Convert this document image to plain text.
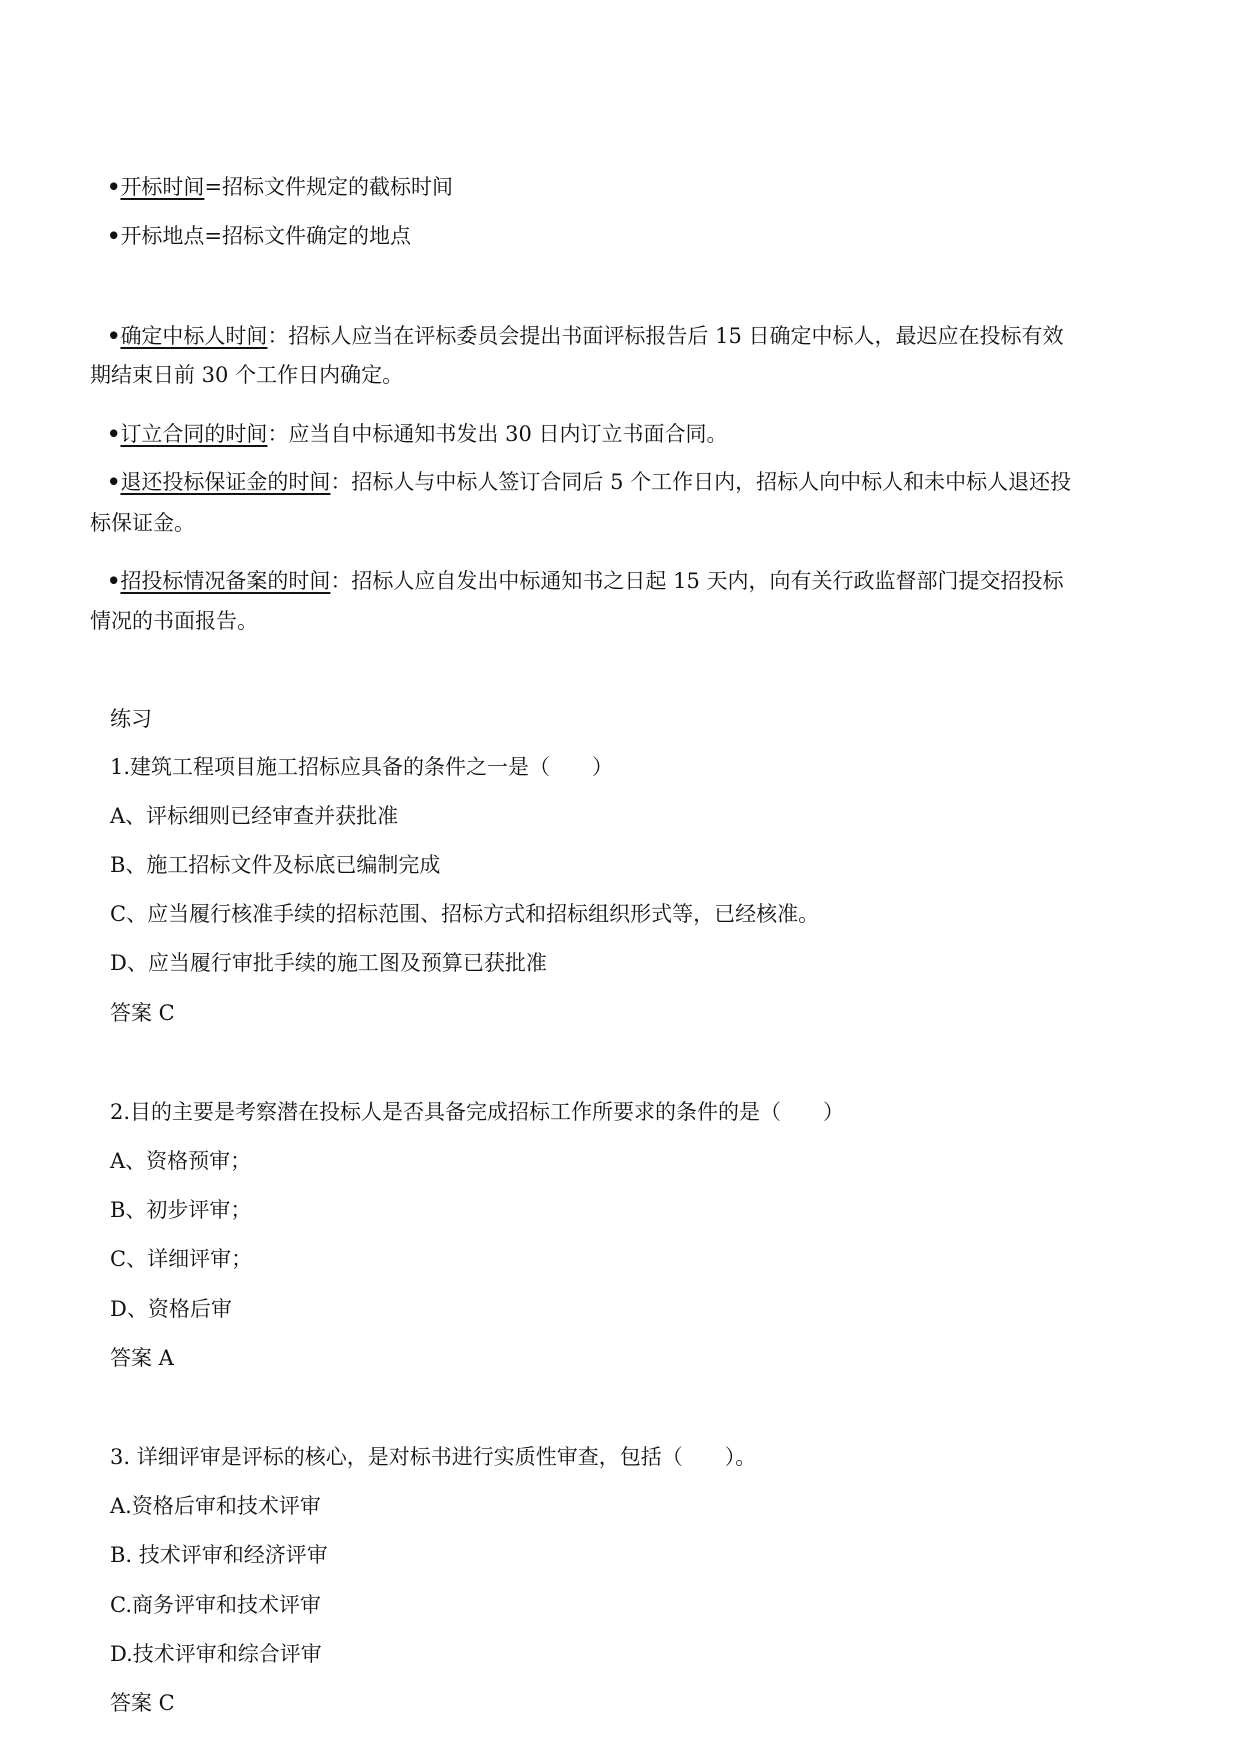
•开标时间=招标文件规定的截标时间
•开标地点=招标文件确定的地点
•确定中标人时间：招标人应当在评标委员会提出书面评标报告后 15 日确定中标人，最迟应在投标有效
期结束日前 30 个工作日内确定。
•订立合同的时间：应当自中标通知书发出 30 日内订立书面合同。
•退还投标保证金的时间：招标人与中标人签订合同后 5 个工作日内，招标人向中标人和未中标人退还投
标保证金。
•招投标情况备案的时间：招标人应自发出中标通知书之日起 15 天内，向有关行政监督部门提交招投标
情况的书面报告。
练习
1.建筑工程项目施工招标应具备的条件之一是（　　）
A、评标细则已经审查并获批准
B、施工招标文件及标底已编制完成
C、应当履行核准手续的招标范围、招标方式和招标组织形式等，已经核准。
D、应当履行审批手续的施工图及预算已获批准
答案 C
2.目的主要是考察潜在投标人是否具备完成招标工作所要求的条件的是（　　）
A、资格预审；
B、初步评审；
C、详细评审；
D、资格后审
答案 A
3. 详细评审是评标的核心，是对标书进行实质性审查，包括（　　）。
A.资格后审和技术评审
B. 技术评审和经济评审
C.商务评审和技术评审
D.技术评审和综合评审
答案 C
